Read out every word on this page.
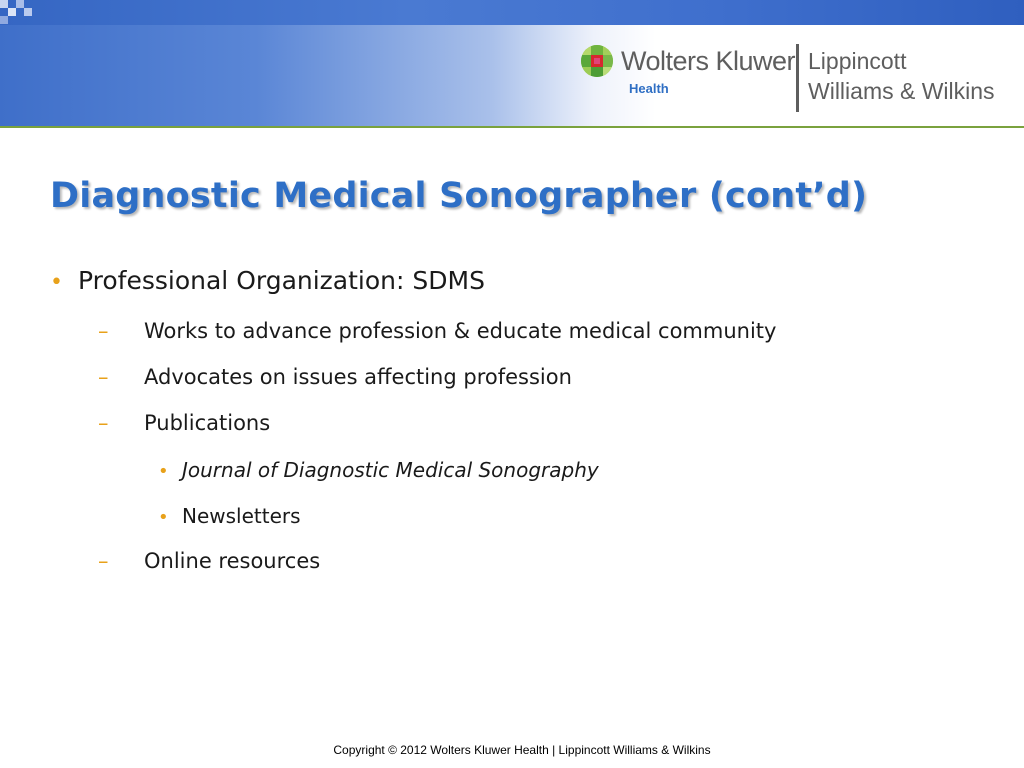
Wolters Kluwer
Health
Lippincott
Williams & Wilkins
Diagnostic Medical Sonographer (cont’d)
• Professional Organization: SDMS
– Works to advance profession & educate medical community
– Advocates on issues affecting profession
– Publications
• Journal of Diagnostic Medical Sonography
• Newsletters
– Online resources
Copyright © 2012 Wolters Kluwer Health | Lippincott Williams & Wilkins
